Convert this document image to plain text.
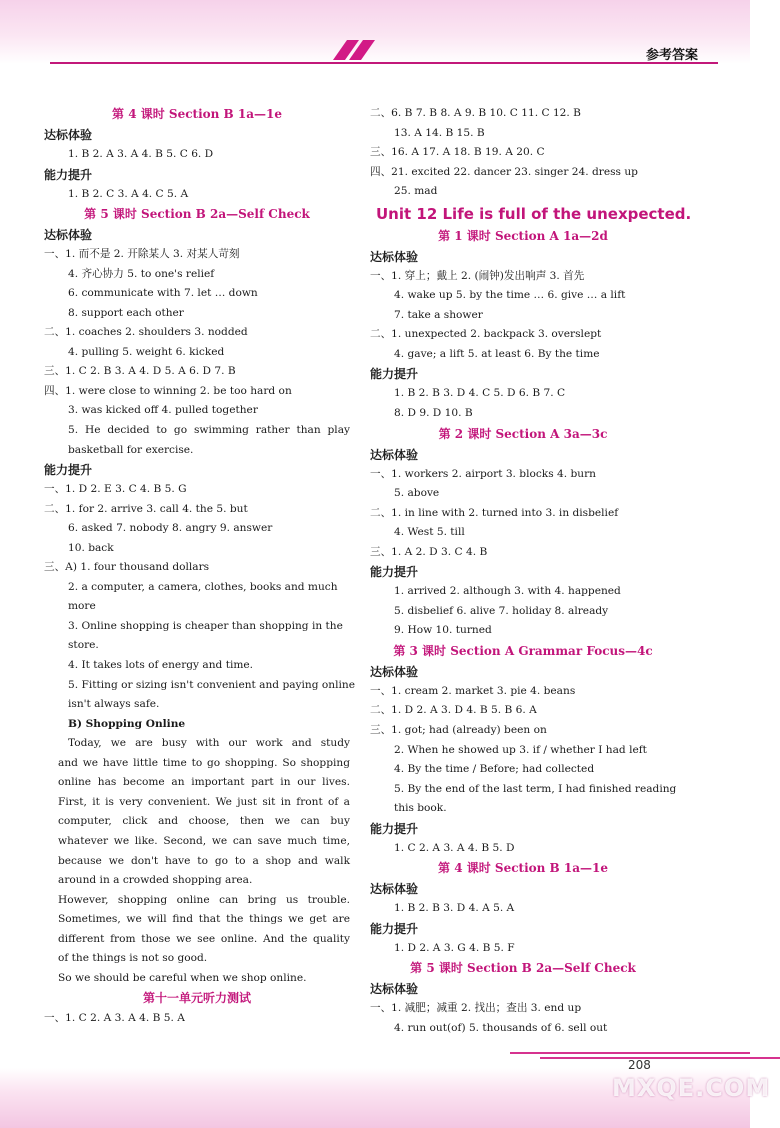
参考答案
第 4 课时 Section B 1a—1e
达标体验
1. B 2. A 3. A 4. B 5. C 6. D
能力提升
1. B 2. C 3. A 4. C 5. A
第 5 课时 Section B 2a—Self Check
达标体验
一、1. 而不是 2. 开除某人 3. 对某人苛刻
4. 齐心协力 5. to one's relief
6. communicate with 7. let … down
8. support each other
二、1. coaches 2. shoulders 3. nodded
4. pulling 5. weight 6. kicked
三、1. C 2. B 3. A 4. D 5. A 6. D 7. B
四、1. were close to winning 2. be too hard on
3. was kicked off 4. pulled together
5. He decided to go swimming rather than play
basketball for exercise.
能力提升
一、1. D 2. E 3. C 4. B 5. G
二、1. for 2. arrive 3. call 4. the 5. but
6. asked 7. nobody 8. angry 9. answer
10. back
三、A) 1. four thousand dollars
2. a computer, a camera, clothes, books and much
more
3. Online shopping is cheaper than shopping in the
store.
4. It takes lots of energy and time.
5. Fitting or sizing isn't convenient and paying online
isn't always safe.
B) Shopping Online
Today, we are busy with our work and study
and we have little time to go shopping. So shopping
online has become an important part in our lives.
First, it is very convenient. We just sit in front of a
computer, click and choose, then we can buy
whatever we like. Second, we can save much time,
because we don't have to go to a shop and walk
around in a crowded shopping area.
However, shopping online can bring us trouble.
Sometimes, we will find that the things we get are
different from those we see online. And the quality
of the things is not so good.
So we should be careful when we shop online.
第十一单元听力测试
一、1. C 2. A 3. A 4. B 5. A
二、6. B 7. B 8. A 9. B 10. C 11. C 12. B
13. A 14. B 15. B
三、16. A 17. A 18. B 19. A 20. C
四、21. excited 22. dancer 23. singer 24. dress up
25. mad
Unit 12 Life is full of the unexpected.
第 1 课时 Section A 1a—2d
达标体验
一、1. 穿上；戴上 2. (闹钟)发出响声 3. 首先
4. wake up 5. by the time … 6. give … a lift
7. take a shower
二、1. unexpected 2. backpack 3. overslept
4. gave; a lift 5. at least 6. By the time
能力提升
1. B 2. B 3. D 4. C 5. D 6. B 7. C
8. D 9. D 10. B
第 2 课时 Section A 3a—3c
达标体验
一、1. workers 2. airport 3. blocks 4. burn
5. above
二、1. in line with 2. turned into 3. in disbelief
4. West 5. till
三、1. A 2. D 3. C 4. B
能力提升
1. arrived 2. although 3. with 4. happened
5. disbelief 6. alive 7. holiday 8. already
9. How 10. turned
第 3 课时 Section A Grammar Focus—4c
达标体验
一、1. cream 2. market 3. pie 4. beans
二、1. D 2. A 3. D 4. B 5. B 6. A
三、1. got; had (already) been on
2. When he showed up 3. if / whether I had left
4. By the time / Before; had collected
5. By the end of the last term, I had finished reading
this book.
能力提升
1. C 2. A 3. A 4. B 5. D
第 4 课时 Section B 1a—1e
达标体验
1. B 2. B 3. D 4. A 5. A
能力提升
1. D 2. A 3. G 4. B 5. F
第 5 课时 Section B 2a—Self Check
达标体验
一、1. 减肥；减重 2. 找出；查出 3. end up
4. run out(of) 5. thousands of 6. sell out
208
MXQE.COM
